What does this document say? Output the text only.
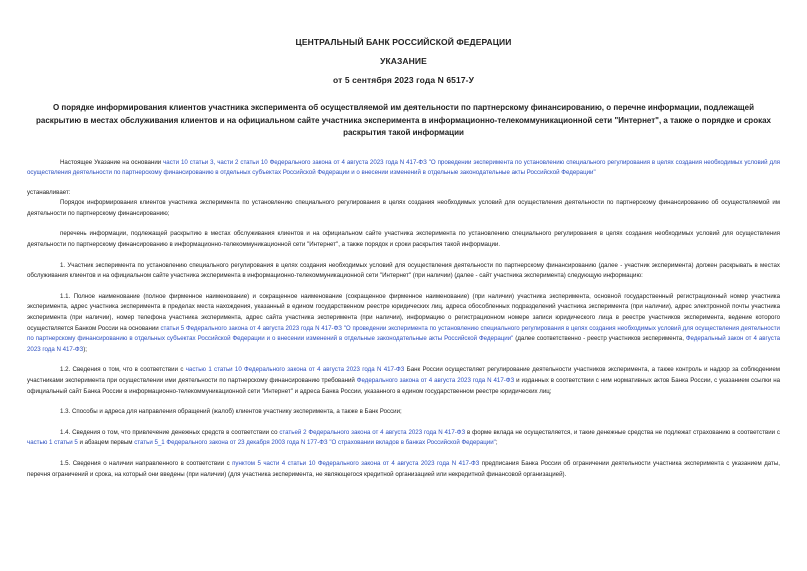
ЦЕНТРАЛЬНЫЙ БАНК РОССИЙСКОЙ ФЕДЕРАЦИИ
УКАЗАНИЕ
от 5 сентября 2023 года N 6517-У
О порядке информирования клиентов участника эксперимента об осуществляемой им деятельности по партнерскому финансированию, о перечне информации, подлежащей раскрытию в местах обслуживания клиентов и на официальном сайте участника эксперимента в информационно-телекоммуникационной сети "Интернет", а также о порядке и сроках раскрытия такой информации
Настоящее Указание на основании части 10 статьи 3, части 2 статьи 10 Федерального закона от 4 августа 2023 года N 417-ФЗ "О проведении эксперимента по установлению специального регулирования в целях создания необходимых условий для осуществления деятельности по партнерскому финансированию в отдельных субъектах Российской Федерации и о внесении изменений в отдельные законодательные акты Российской Федерации"
устанавливает:
Порядок информирования клиентов участника эксперимента по установлению специального регулирования в целях создания необходимых условий для осуществления деятельности по партнерскому финансированию об осуществляемой им деятельности по партнерскому финансированию;
перечень информации, подлежащей раскрытию в местах обслуживания клиентов и на официальном сайте участника эксперимента по установлению специального регулирования в целях создания необходимых условий для осуществления деятельности по партнерскому финансированию в информационно-телекоммуникационной сети "Интернет", а также порядок и сроки раскрытия такой информации.
1. Участник эксперимента по установлению специального регулирования в целях создания необходимых условий для осуществления деятельности по партнерскому финансированию (далее - участник эксперимента) должен раскрывать в местах обслуживания клиентов и на официальном сайте участника эксперимента в информационно-телекоммуникационной сети "Интернет" (при наличии) (далее - сайт участника эксперимента) следующую информацию:
1.1. Полное наименование (полное фирменное наименование) и сокращенное наименование (сокращенное фирменное наименование) (при наличии) участника эксперимента, основной государственный регистрационный номер участника эксперимента, адрес участника эксперимента в пределах места нахождения, указанный в едином государственном реестре юридических лиц, адреса обособленных подразделений участника эксперимента (при наличии), адрес электронной почты участника эксперимента (при наличии), номер телефона участника эксперимента, адрес сайта участника эксперимента (при наличии), информацию о регистрационном номере записи юридического лица в реестре участников эксперимента, ведение которого осуществляется Банком России на основании статьи 5 Федерального закона от 4 августа 2023 года N 417-ФЗ "О проведении эксперимента по установлению специального регулирования в целях создания необходимых условий для осуществления деятельности по партнерскому финансированию в отдельных субъектах Российской Федерации и о внесении изменений в отдельные законодательные акты Российской Федерации" (далее соответственно - реестр участников эксперимента, Федеральный закон от 4 августа 2023 года N 417-ФЗ);
1.2. Сведения о том, что в соответствии с частью 1 статьи 10 Федерального закона от 4 августа 2023 года N 417-ФЗ Банк России осуществляет регулирование деятельности участников эксперимента, а также контроль и надзор за соблюдением участниками эксперимента при осуществлении ими деятельности по партнерскому финансированию требований Федерального закона от 4 августа 2023 года N 417-ФЗ и изданных в соответствии с ним нормативных актов Банка России, с указанием ссылки на официальный сайт Банка России в информационно-телекоммуникационной сети "Интернет" и адреса Банка России, указанного в едином государственном реестре юридических лиц;
1.3. Способы и адреса для направления обращений (жалоб) клиентов участнику эксперимента, а также в Банк России;
1.4. Сведения о том, что привлечение денежных средств в соответствии со статьей 2 Федерального закона от 4 августа 2023 года N 417-ФЗ в форме вклада не осуществляется, и такие денежные средства не подлежат страхованию в соответствии с частью 1 статьи 5 и абзацем первым статьи 5_1 Федерального закона от 23 декабря 2003 года N 177-ФЗ "О страховании вкладов в банках Российской Федерации";
1.5. Сведения о наличии направленного в соответствии с пунктом 5 части 4 статьи 10 Федерального закона от 4 августа 2023 года N 417-ФЗ предписания Банка России об ограничении деятельности участника эксперимента с указанием даты, перечня ограничений и срока, на который они введены (при наличии) (для участника эксперимента, не являющегося кредитной организацией или некредитной финансовой организацией).
